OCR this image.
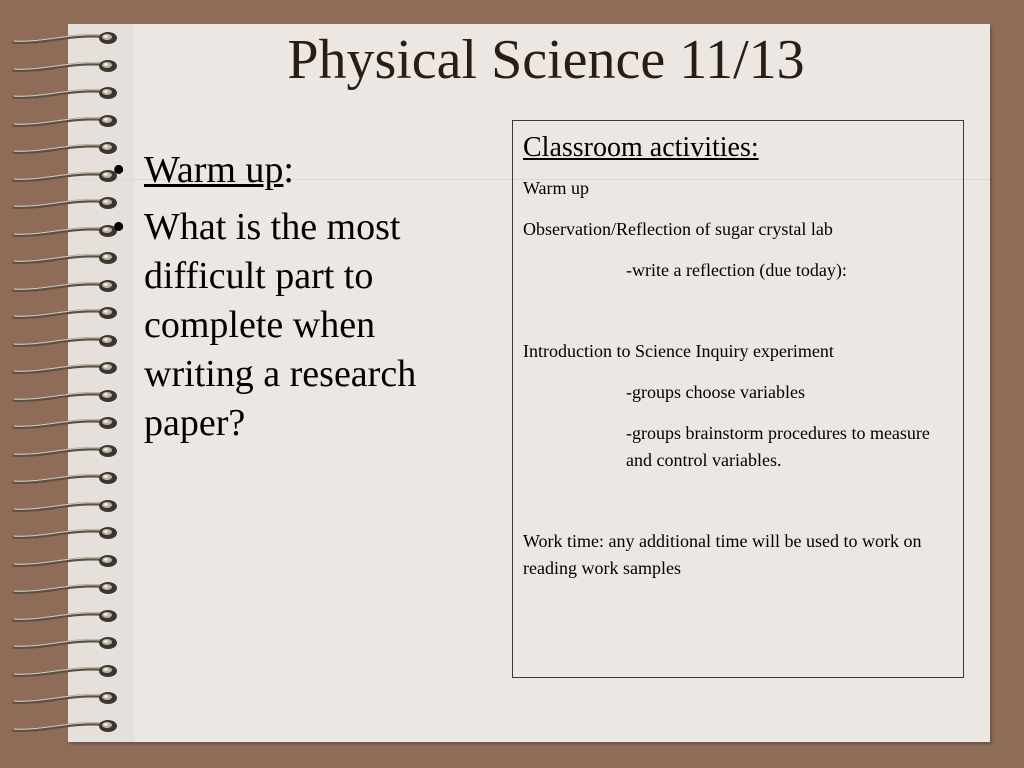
Physical Science 11/13
• Warm up:
• What is the most difficult part to complete when writing a research paper?
Classroom activities:

Warm up

Observation/Reflection of sugar crystal lab

-write a reflection (due today):

Introduction to Science Inquiry experiment

-groups choose variables

-groups brainstorm procedures to measure and control variables.

Work time: any additional time will be used to work on reading work samples
